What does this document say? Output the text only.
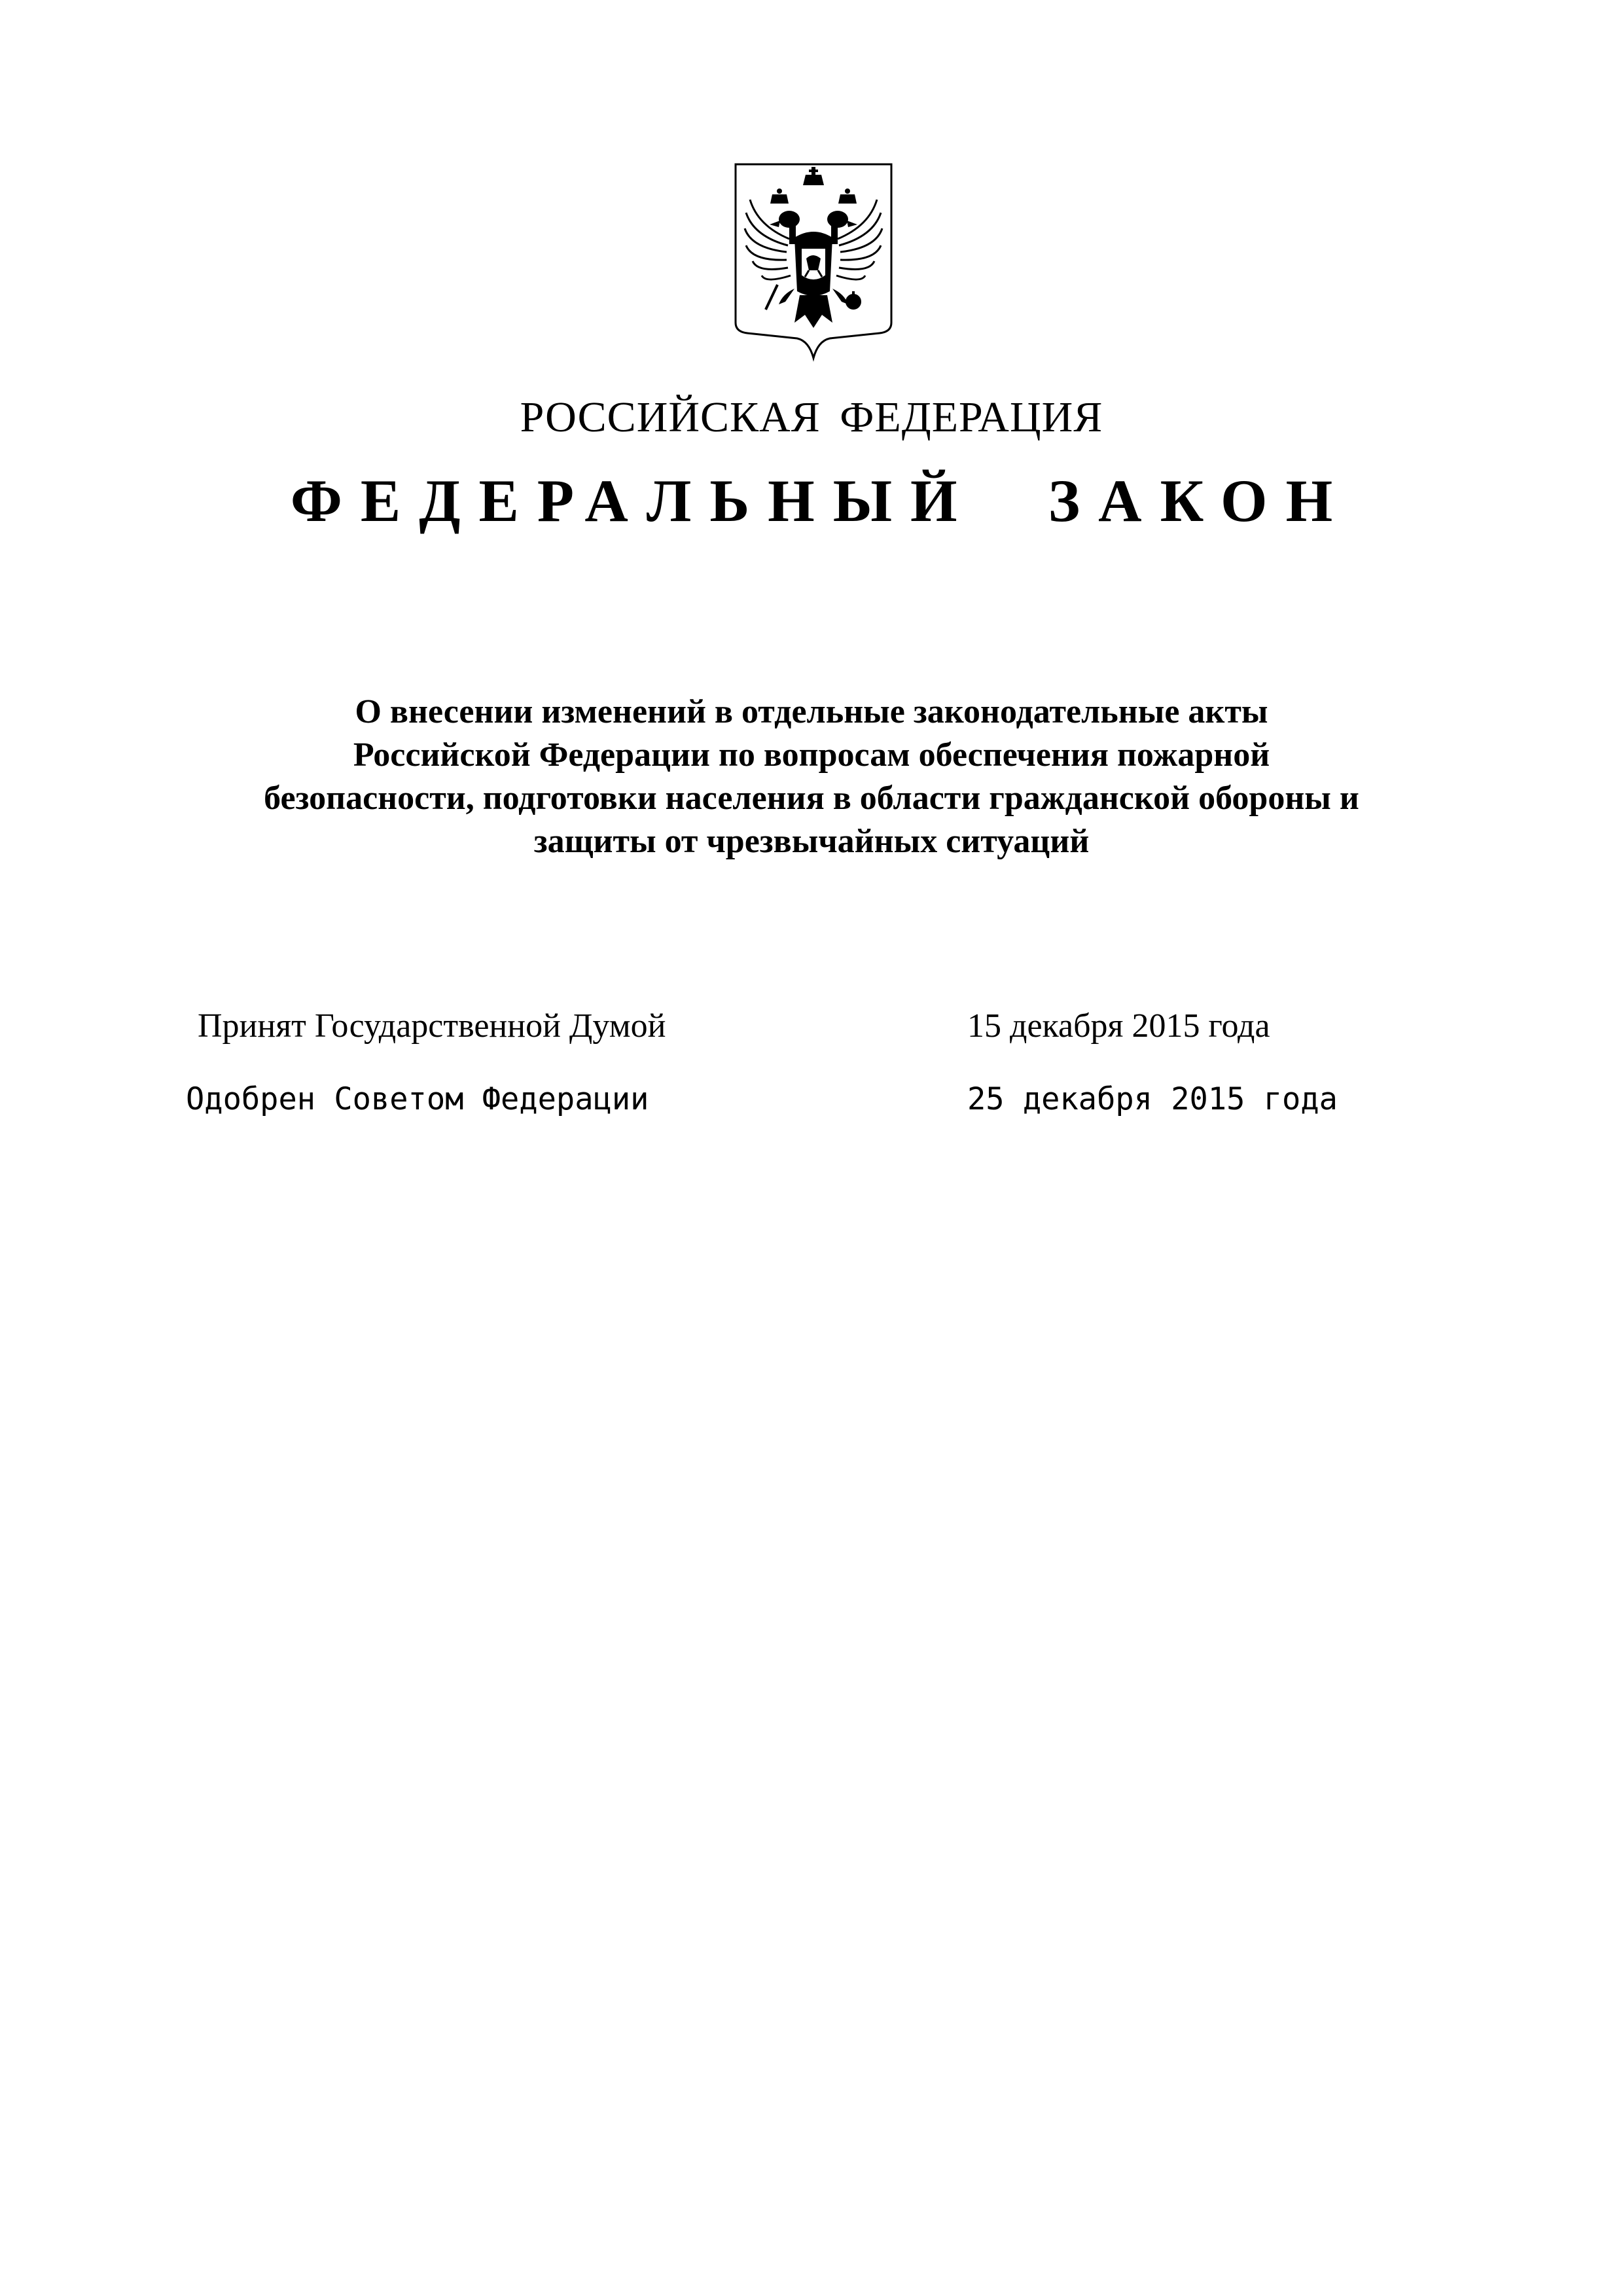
РОССИЙСКАЯ ФЕДЕРАЦИЯ
ФЕДЕРАЛЬНЫЙ ЗАКОН
О внесении изменений в отдельные законодательные акты
Российской Федерации по вопросам обеспечения пожарной
безопасности, подготовки населения в области гражданской обороны и
защиты от чрезвычайных ситуаций
Принят Государственной Думой	15 декабря 2015 года
Одобрен Советом Федерации	25 декабря 2015 года
